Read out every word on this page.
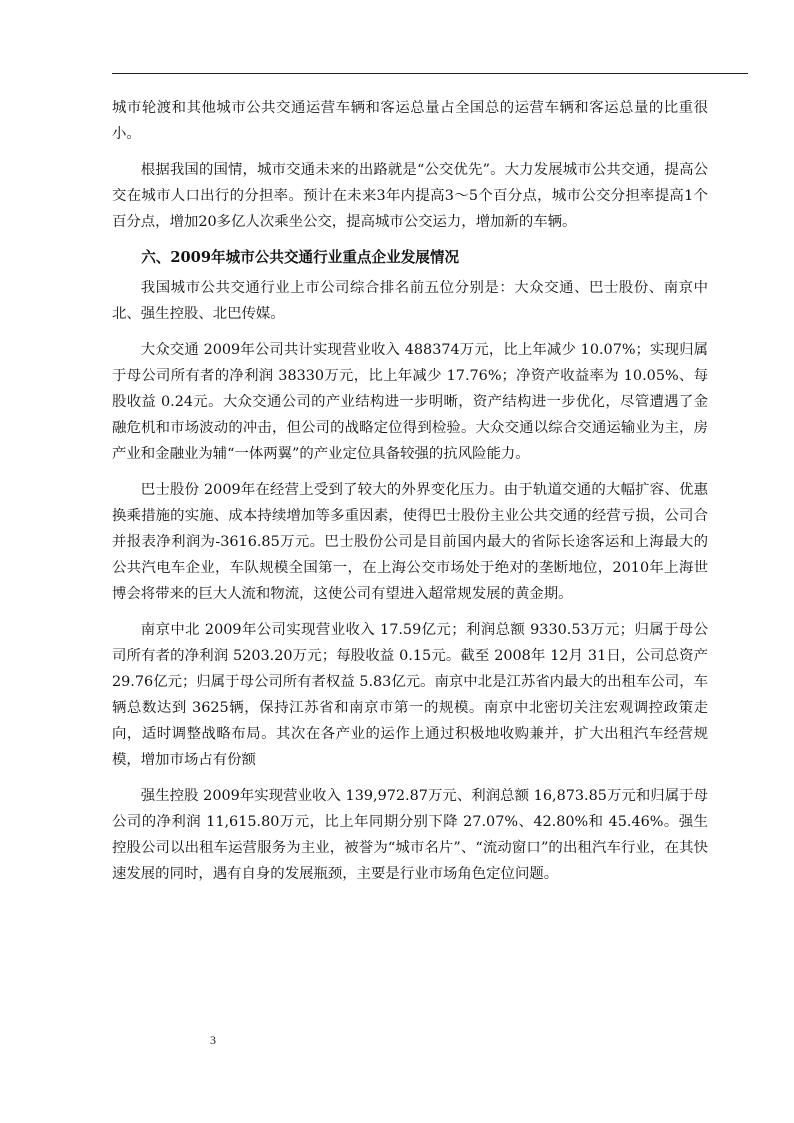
城市轮渡和其他城市公共交通运营车辆和客运总量占全国总的运营车辆和客运总量的比重很小。

根据我国的国情，城市交通未来的出路就是“公交优先”。大力发展城市公共交通，提高公交在城市人口出行的分担率。预计在未来3年内提高3～5个百分点，城市公交分担率提高1个百分点，增加20多亿人次乘坐公交，提高城市公交运力，增加新的车辆。

六、2009年城市公共交通行业重点企业发展情况

我国城市公共交通行业上市公司综合排名前五位分别是：大众交通、巴士股份、南京中北、强生控股、北巴传媒。

大众交通 2009年公司共计实现营业收入 488374万元，比上年减少 10.07%；实现归属于母公司所有者的净利润 38330万元，比上年减少 17.76%；净资产收益率为 10.05%、每股收益 0.24元。大众交通公司的产业结构进一步明晰，资产结构进一步优化，尽管遭遇了金融危机和市场波动的冲击，但公司的战略定位得到检验。大众交通以综合交通运输业为主，房产业和金融业为辅“一体两翼”的产业定位具备较强的抗风险能力。

巴士股份 2009年在经营上受到了较大的外界变化压力。由于轨道交通的大幅扩容、优惠换乘措施的实施、成本持续增加等多重因素，使得巴士股份主业公共交通的经营亏损，公司合并报表净利润为-3616.85万元。巴士股份公司是目前国内最大的省际长途客运和上海最大的公共汽电车企业，车队规模全国第一，在上海公交市场处于绝对的垄断地位，2010年上海世博会将带来的巨大人流和物流，这使公司有望进入超常规发展的黄金期。

南京中北 2009年公司实现营业收入 17.59亿元；利润总额 9330.53万元；归属于母公司所有者的净利润 5203.20万元；每股收益 0.15元。截至 2008年 12月 31日，公司总资产 29.76亿元；归属于母公司所有者权益 5.83亿元。南京中北是江苏省内最大的出租车公司，车辆总数达到 3625辆，保持江苏省和南京市第一的规模。南京中北密切关注宏观调控政策走向，适时调整战略布局。其次在各产业的运作上通过积极地收购兼并，扩大出租汽车经营规模，增加市场占有份额

强生控股 2009年实现营业收入 139,972.87万元、利润总额 16,873.85万元和归属于母公司的净利润 11,615.80万元，比上年同期分别下降 27.07%、42.80%和 45.46%。强生控股公司以出租车运营服务为主业，被誉为“城市名片”、“流动窗口”的出租汽车行业，在其快速发展的同时，遇有自身的发展瓶颈，主要是行业市场角色定位问题。

3
